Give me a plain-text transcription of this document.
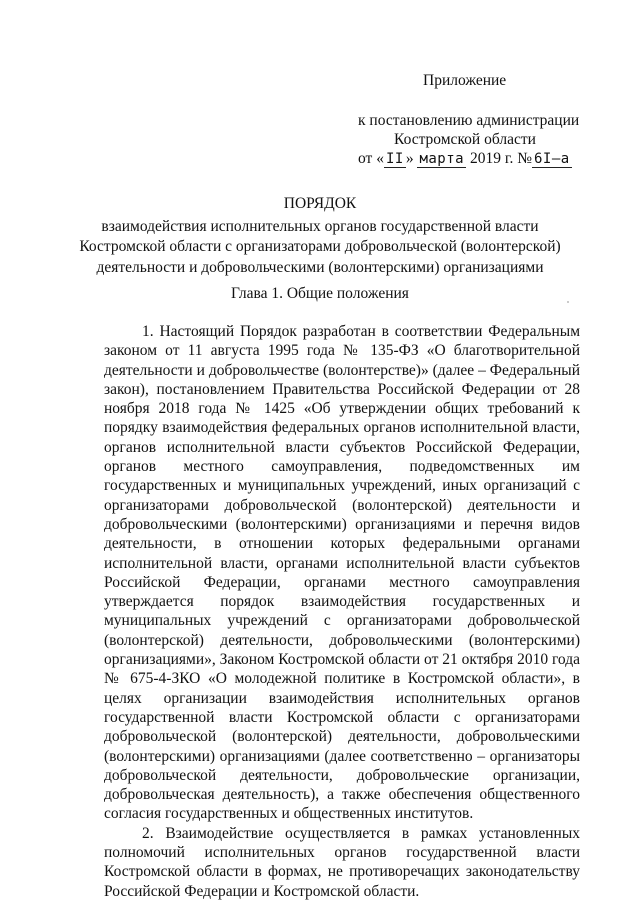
Приложение
к постановлению администрации
Костромской области
от « II » марта 2019 г. № 6I–а
ПОРЯДОК
взаимодействия исполнительных органов государственной власти
Костромской области с организаторами добровольческой (волонтерской)
деятельности и добровольческими (волонтерскими) организациями
Глава 1. Общие положения

1. Настоящий Порядок разработан в соответствии Федеральным законом от 11 августа 1995 года № 135-ФЗ «О благотворительной деятельности и добровольчестве (волонтерстве)» (далее – Федеральный закон), постановлением Правительства Российской Федерации от 28 ноября 2018 года № 1425 «Об утверждении общих требований к порядку взаимодействия федеральных органов исполнительной власти, органов исполнительной власти субъектов Российской Федерации, органов местного самоуправления, подведомственных им государственных и муниципальных учреждений, иных организаций с организаторами добровольческой (волонтерской) деятельности и добровольческими (волонтерскими) организациями и перечня видов деятельности, в отношении которых федеральными органами исполнительной власти, органами исполнительной власти субъектов Российской Федерации, органами местного самоуправления утверждается порядок взаимодействия государственных и муниципальных учреждений с организаторами добровольческой (волонтерской) деятельности, добровольческими (волонтерскими) организациями», Законом Костромской области от 21 октября 2010 года № 675-4-ЗКО «О молодежной политике в Костромской области», в целях организации взаимодействия исполнительных органов государственной власти Костромской области с организаторами добровольческой (волонтерской) деятельности, добровольческими (волонтерскими) организациями (далее соответственно – организаторы добровольческой деятельности, добровольческие организации, добровольческая деятельность), а также обеспечения общественного согласия государственных и общественных институтов.

2. Взаимодействие осуществляется в рамках установленных полномочий исполнительных органов государственной власти Костромской области в формах, не противоречащих законодательству Российской Федерации и Костромской области.
